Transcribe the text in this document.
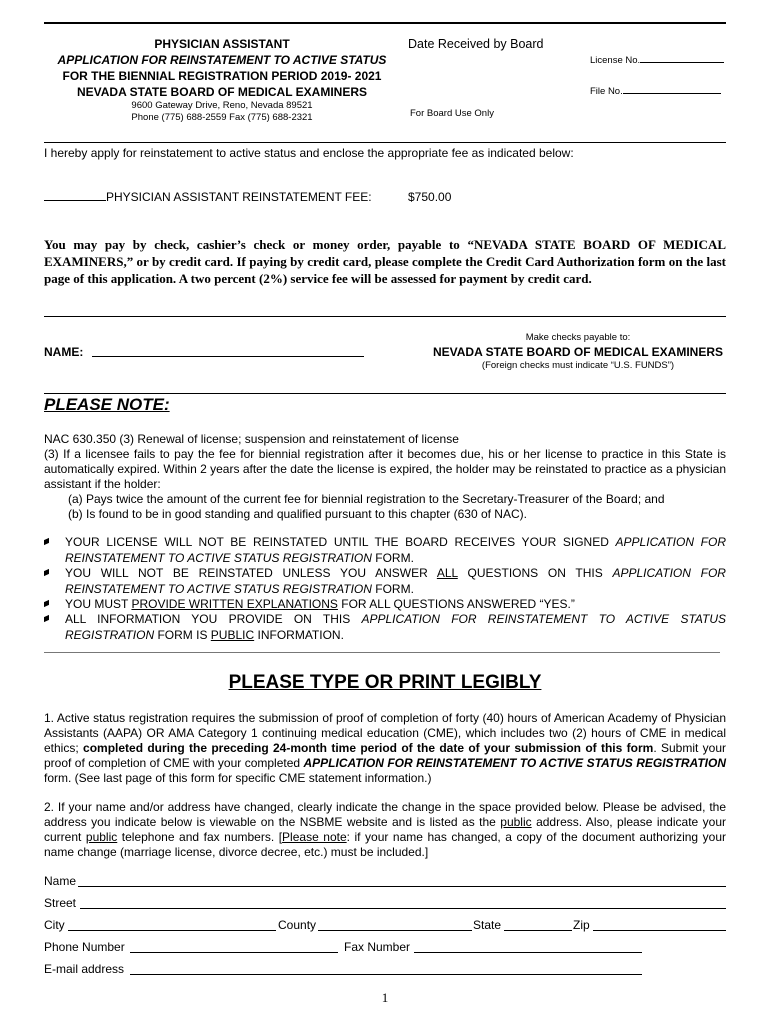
PHYSICIAN ASSISTANT
APPLICATION FOR REINSTATEMENT TO ACTIVE STATUS
FOR THE BIENNIAL REGISTRATION PERIOD 2019- 2021
NEVADA STATE BOARD OF MEDICAL EXAMINERS
9600 Gateway Drive, Reno, Nevada 89521
Phone (775) 688-2559 Fax (775) 688-2321
Date Received by Board
License No.
File No.
For Board Use Only
I hereby apply for reinstatement to active status and enclose the appropriate fee as indicated below:
PHYSICIAN ASSISTANT REINSTATEMENT FEE:	$750.00
You may pay by check, cashier’s check or money order, payable to “NEVADA STATE BOARD OF MEDICAL EXAMINERS,” or by credit card. If paying by credit card, please complete the Credit Card Authorization form on the last page of this application. A two percent (2%) service fee will be assessed for payment by credit card.
NAME:
Make checks payable to:
NEVADA STATE BOARD OF MEDICAL EXAMINERS
(Foreign checks must indicate “U.S. FUNDS”)
PLEASE NOTE:
NAC 630.350 (3) Renewal of license; suspension and reinstatement of license
(3) If a licensee fails to pay the fee for biennial registration after it becomes due, his or her license to practice in this State is automatically expired. Within 2 years after the date the license is expired, the holder may be reinstated to practice as a physician assistant if the holder:
(a) Pays twice the amount of the current fee for biennial registration to the Secretary-Treasurer of the Board; and
(b) Is found to be in good standing and qualified pursuant to this chapter (630 of NAC).
YOUR LICENSE WILL NOT BE REINSTATED UNTIL THE BOARD RECEIVES YOUR SIGNED APPLICATION FOR REINSTATEMENT TO ACTIVE STATUS REGISTRATION FORM.
YOU WILL NOT BE REINSTATED UNLESS YOU ANSWER ALL QUESTIONS ON THIS APPLICATION FOR REINSTATEMENT TO ACTIVE STATUS REGISTRATION FORM.
YOU MUST PROVIDE WRITTEN EXPLANATIONS FOR ALL QUESTIONS ANSWERED “YES.”
ALL INFORMATION YOU PROVIDE ON THIS APPLICATION FOR REINSTATEMENT TO ACTIVE STATUS REGISTRATION FORM IS PUBLIC INFORMATION.
PLEASE TYPE OR PRINT LEGIBLY
1. Active status registration requires the submission of proof of completion of forty (40) hours of American Academy of Physician Assistants (AAPA) OR AMA Category 1 continuing medical education (CME), which includes two (2) hours of CME in medical ethics; completed during the preceding 24-month time period of the date of your submission of this form. Submit your proof of completion of CME with your completed APPLICATION FOR REINSTATEMENT TO ACTIVE STATUS REGISTRATION form. (See last page of this form for specific CME statement information.)
2. If your name and/or address have changed, clearly indicate the change in the space provided below. Please be advised, the address you indicate below is viewable on the NSBME website and is listed as the public address. Also, please indicate your current public telephone and fax numbers. [Please note: if your name has changed, a copy of the document authorizing your name change (marriage license, divorce decree, etc.) must be included.]
Name
Street
City	County	State	Zip
Phone Number	Fax Number
E-mail address
1
